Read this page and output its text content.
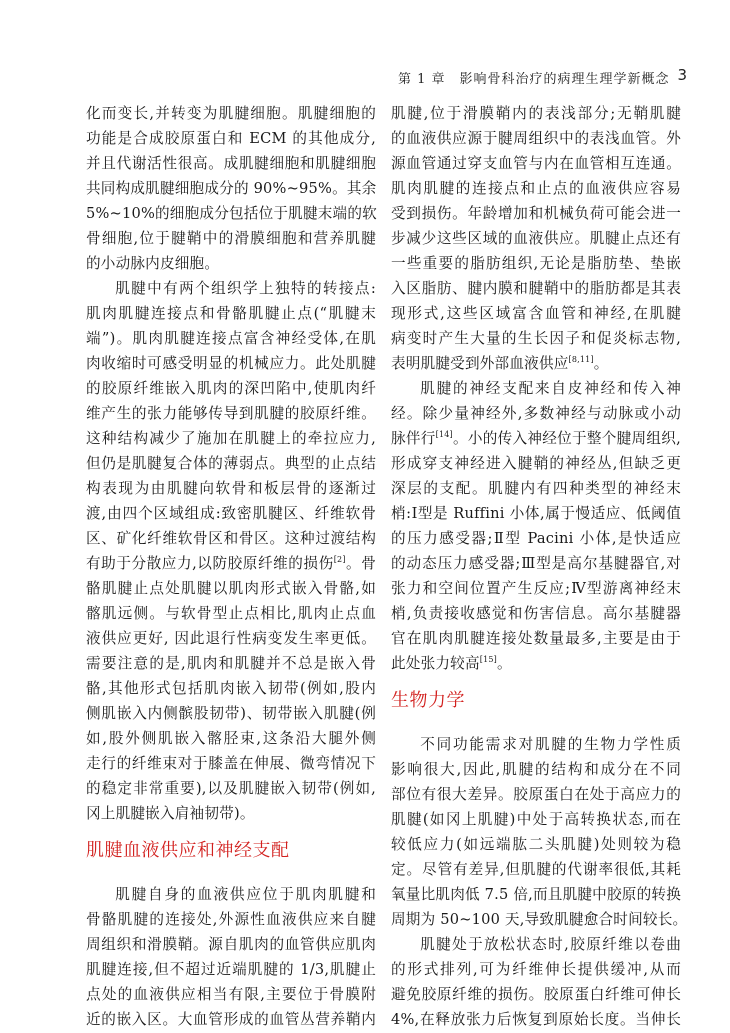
第 1 章　影响骨科治疗的病理生理学新概念 3
化而变长,并转变为肌腱细胞。肌腱细胞的
功能是合成胶原蛋白和 ECM 的其他成分,
并且代谢活性很高。成肌腱细胞和肌腱细胞
共同构成肌腱细胞成分的 90%~95%。其余
5%~10%的细胞成分包括位于肌腱末端的软
骨细胞,位于腱鞘中的滑膜细胞和营养肌腱
的小动脉内皮细胞。
肌腱中有两个组织学上独特的转接点:
肌肉肌腱连接点和骨骼肌腱止点(“肌腱末
端”)。肌肉肌腱连接点富含神经受体,在肌
肉收缩时可感受明显的机械应力。此处肌腱
的胶原纤维嵌入肌肉的深凹陷中,使肌肉纤
维产生的张力能够传导到肌腱的胶原纤维。
这种结构减少了施加在肌腱上的牵拉应力,
但仍是肌腱复合体的薄弱点。典型的止点结
构表现为由肌腱向软骨和板层骨的逐渐过
渡,由四个区域组成:致密肌腱区、纤维软骨
区、矿化纤维软骨区和骨区。这种过渡结构
有助于分散应力,以防胶原纤维的损伤[2]。骨
骼肌腱止点处肌腱以肌肉形式嵌入骨骼,如
髂肌远侧。与软骨型止点相比,肌肉止点血
液供应更好, 因此退行性病变发生率更低。
需要注意的是,肌肉和肌腱并不总是嵌入骨
骼,其他形式包括肌肉嵌入韧带(例如,股内
侧肌嵌入内侧髌股韧带)、韧带嵌入肌腱(例
如,股外侧肌嵌入髂胫束,这条沿大腿外侧
走行的纤维束对于膝盖在伸展、微弯情况下
的稳定非常重要),以及肌腱嵌入韧带(例如,
冈上肌腱嵌入肩袖韧带)。
肌腱血液供应和神经支配
肌腱自身的血液供应位于肌肉肌腱和
骨骼肌腱的连接处,外源性血液供应来自腱
周组织和滑膜鞘。源自肌肉的血管供应肌肉
肌腱连接,但不超过近端肌腱的 1/3,肌腱止
点处的血液供应相当有限,主要位于骨膜附
近的嵌入区。大血管形成的血管丛营养鞘内
肌腱,位于滑膜鞘内的表浅部分;无鞘肌腱
的血液供应源于腱周组织中的表浅血管。外
源血管通过穿支血管与内在血管相互连通。
肌肉肌腱的连接点和止点的血液供应容易
受到损伤。年龄增加和机械负荷可能会进一
步减少这些区域的血液供应。肌腱止点还有
一些重要的脂肪组织,无论是脂肪垫、垫嵌
入区脂肪、腱内膜和腱鞘中的脂肪都是其表
现形式,这些区域富含血管和神经,在肌腱
病变时产生大量的生长因子和促炎标志物,
表明肌腱受到外部血液供应[8,11]。
肌腱的神经支配来自皮神经和传入神
经。除少量神经外,多数神经与动脉或小动
脉伴行[14]。小的传入神经位于整个腱周组织,
形成穿支神经进入腱鞘的神经丛,但缺乏更
深层的支配。肌腱内有四种类型的神经末
梢:Ⅰ型是 Ruffini 小体,属于慢适应、低阈值
的压力感受器;Ⅱ型 Pacini 小体,是快适应
的动态压力感受器;Ⅲ型是高尔基腱器官,对
张力和空间位置产生反应;Ⅳ型游离神经末
梢,负责接收感觉和伤害信息。高尔基腱器
官在肌肉肌腱连接处数量最多,主要是由于
此处张力较高[15]。
生物力学
不同功能需求对肌腱的生物力学性质
影响很大,因此,肌腱的结构和成分在不同
部位有很大差异。胶原蛋白在处于高应力的
肌腱(如冈上肌腱)中处于高转换状态,而在
较低应力(如远端肱二头肌腱)处则较为稳
定。尽管有差异,但肌腱的代谢率很低,其耗
氧量比肌肉低 7.5 倍,而且肌腱中胶原的转换
周期为 50~100 天,导致肌腱愈合时间较长。
肌腱处于放松状态时,胶原纤维以卷曲
的形式排列,可为纤维伸长提供缓冲,从而
避免胶原纤维的损伤。胶原蛋白纤维可伸长
4%,在释放张力后恢复到原始长度。当伸长
